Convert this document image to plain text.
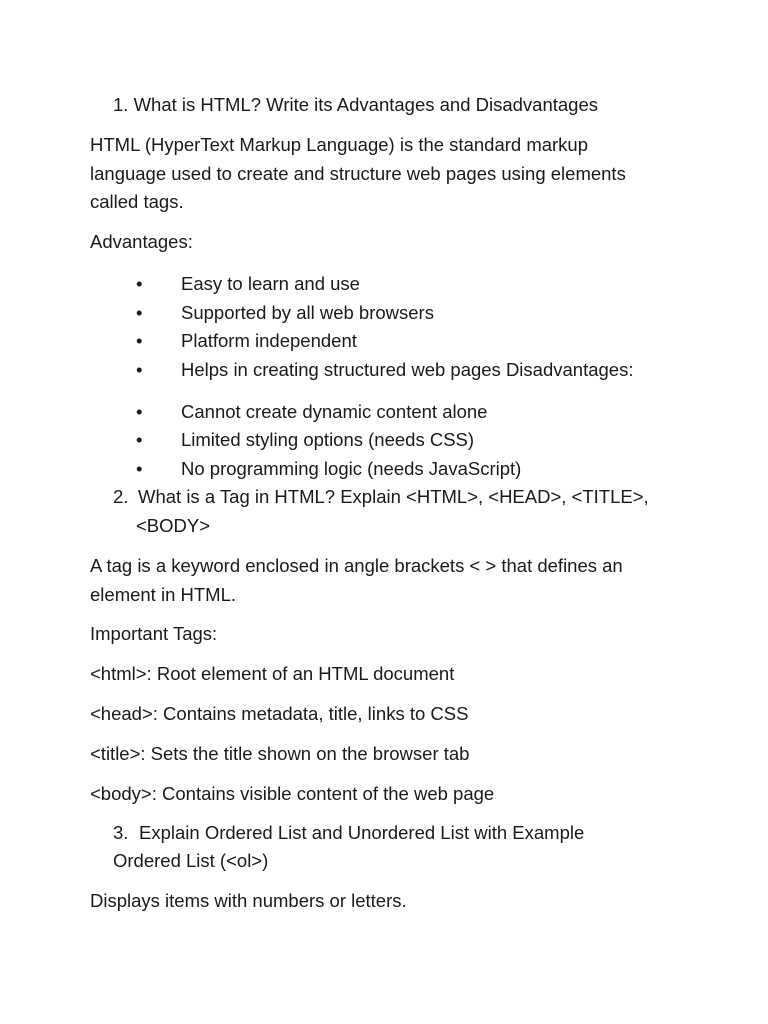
1. What is HTML? Write its Advantages and Disadvantages

HTML (HyperText Markup Language) is the standard markup language used to create and structure web pages using elements called tags.

Advantages:
• Easy to learn and use
• Supported by all web browsers
• Platform independent
• Helps in creating structured web pages Disadvantages:
• Cannot create dynamic content alone
• Limited styling options (needs CSS)
• No programming logic (needs JavaScript)
2. What is a Tag in HTML? Explain <HTML>, <HEAD>, <TITLE>,
<BODY>

A tag is a keyword enclosed in angle brackets < > that defines an element in HTML.

Important Tags:
<html>: Root element of an HTML document
<head>: Contains metadata, title, links to CSS
<title>: Sets the title shown on the browser tab
<body>: Contains visible content of the web page
3. Explain Ordered List and Unordered List with Example
Ordered List (<ol>)
Displays items with numbers or letters.
